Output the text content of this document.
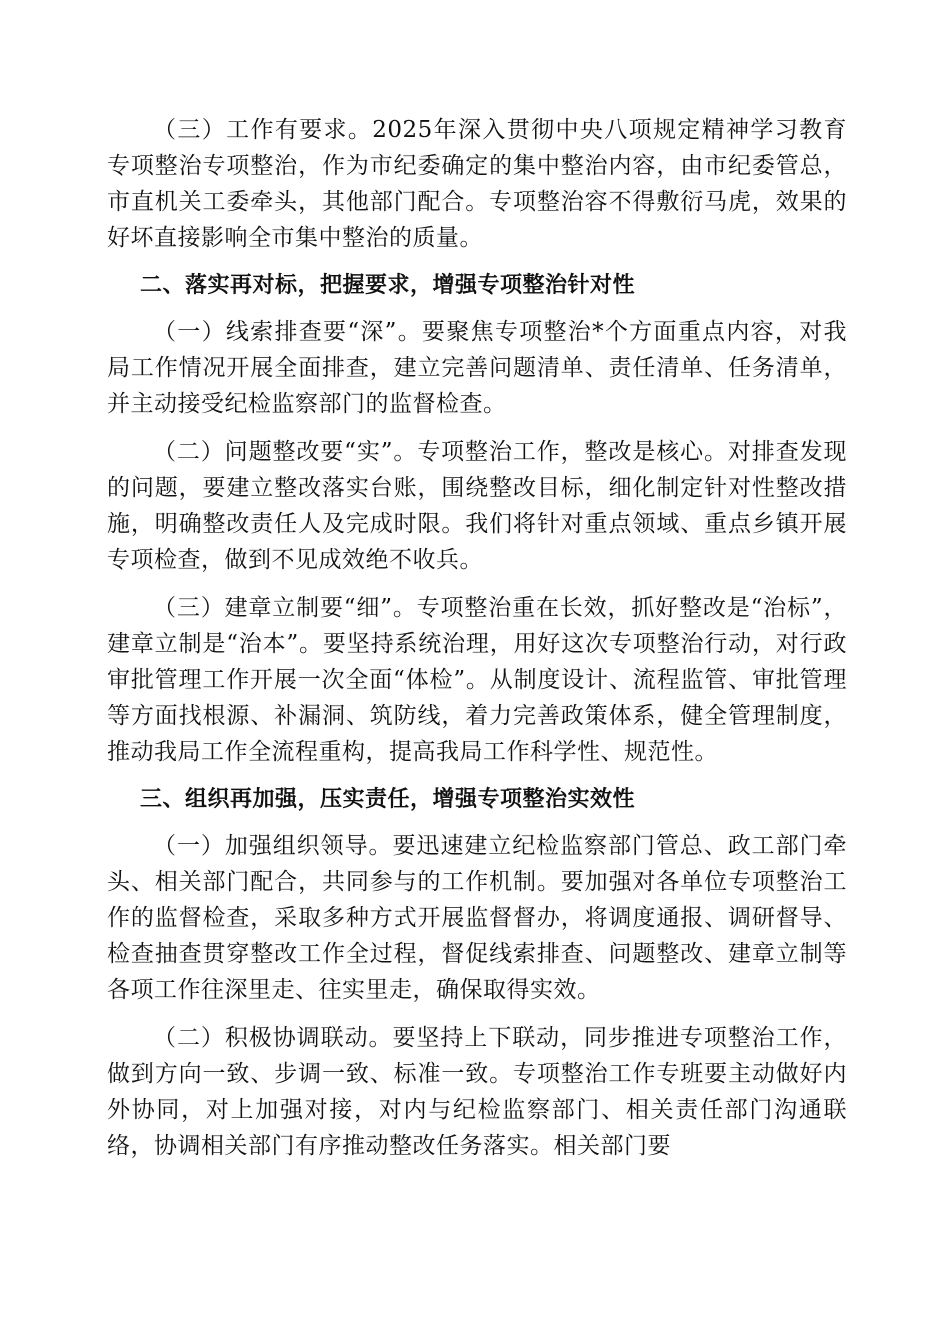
（三）工作有要求。2025年深入贯彻中央八项规定精神学习教育专项整治专项整治，作为市纪委确定的集中整治内容，由市纪委管总，市直机关工委牵头，其他部门配合。专项整治容不得敷衍马虎，效果的好坏直接影响全市集中整治的质量。

二、落实再对标，把握要求，增强专项整治针对性

（一）线索排查要“深”。要聚焦专项整治*个方面重点内容，对我局工作情况开展全面排查，建立完善问题清单、责任清单、任务清单，并主动接受纪检监察部门的监督检查。

（二）问题整改要“实”。专项整治工作，整改是核心。对排查发现的问题，要建立整改落实台账，围绕整改目标，细化制定针对性整改措施，明确整改责任人及完成时限。我们将针对重点领域、重点乡镇开展专项检查，做到不见成效绝不收兵。

（三）建章立制要“细”。专项整治重在长效，抓好整改是“治标”，建章立制是“治本”。要坚持系统治理，用好这次专项整治行动，对行政审批管理工作开展一次全面“体检”。从制度设计、流程监管、审批管理等方面找根源、补漏洞、筑防线，着力完善政策体系，健全管理制度，推动我局工作全流程重构，提高我局工作科学性、规范性。

三、组织再加强，压实责任，增强专项整治实效性

（一）加强组织领导。要迅速建立纪检监察部门管总、政工部门牵头、相关部门配合，共同参与的工作机制。要加强对各单位专项整治工作的监督检查，采取多种方式开展监督督办，将调度通报、调研督导、检查抽查贯穿整改工作全过程，督促线索排查、问题整改、建章立制等各项工作往深里走、往实里走，确保取得实效。

（二）积极协调联动。要坚持上下联动，同步推进专项整治工作，做到方向一致、步调一致、标准一致。专项整治工作专班要主动做好内外协同，对上加强对接，对内与纪检监察部门、相关责任部门沟通联络，协调相关部门有序推动整改任务落实。相关部门要
